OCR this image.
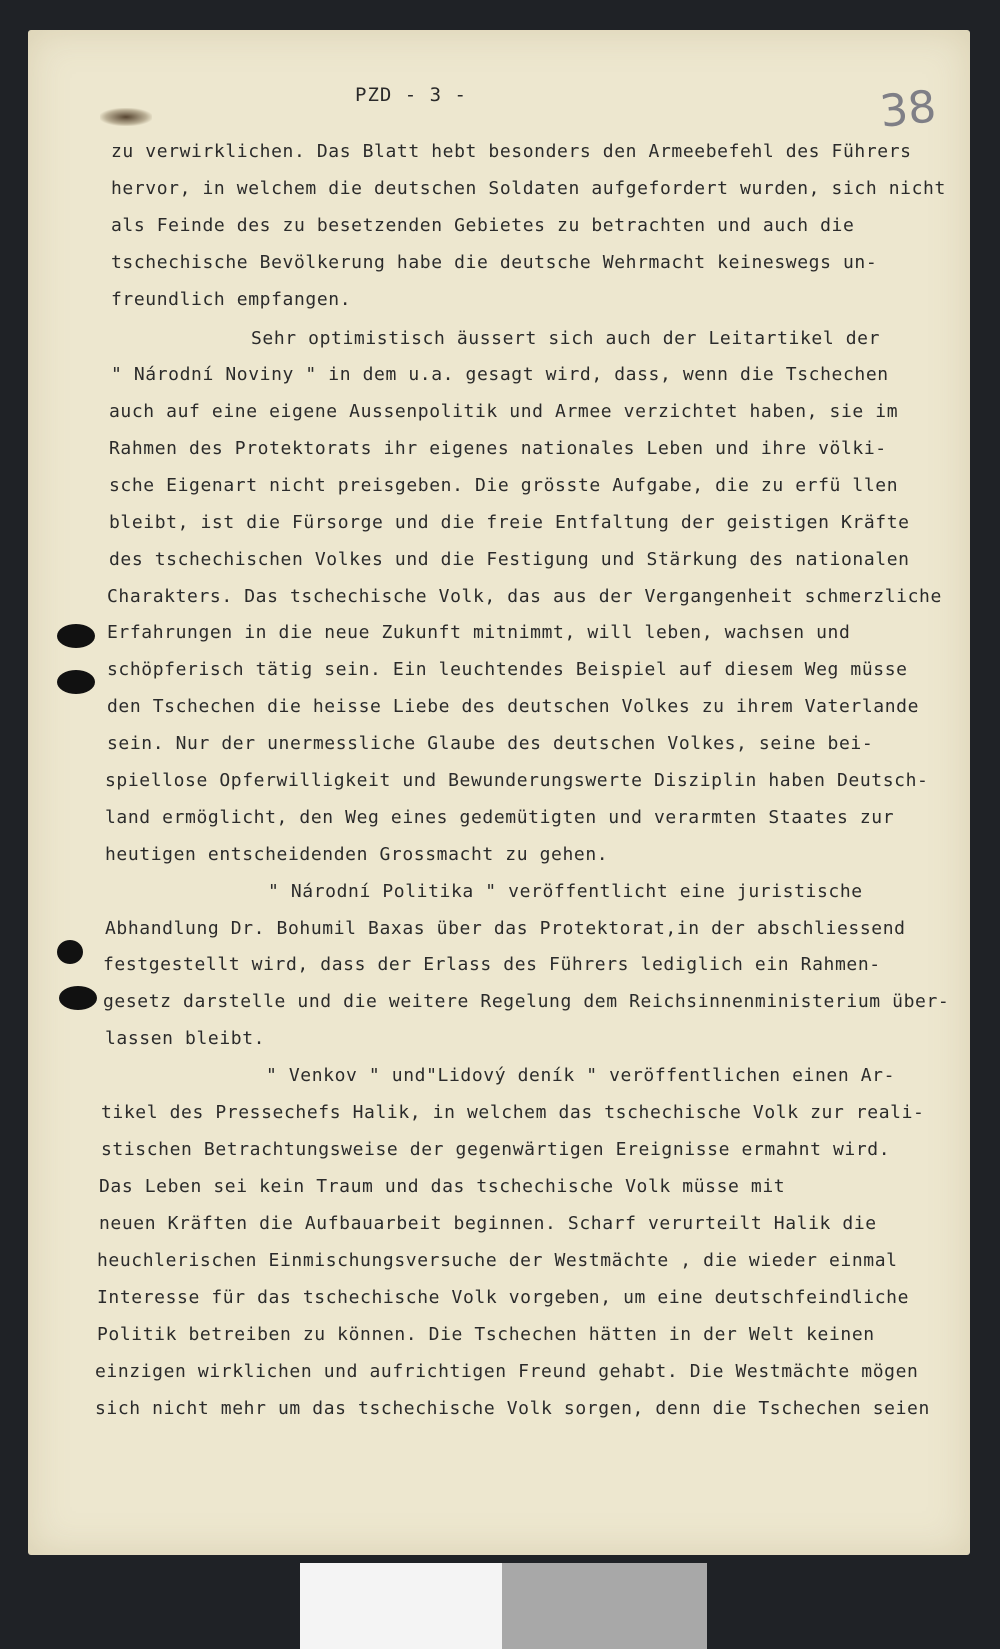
PZD - 3 -	38
zu verwirklichen. Das Blatt hebt besonders den Armeebefehl des Führers
hervor, in welchem die deutschen Soldaten aufgefordert wurden, sich nicht
als Feinde des zu besetzenden Gebietes zu betrachten und auch die
tschechische Bevölkerung habe die deutsche Wehrmacht keineswegs un-
freundlich empfangen.
Sehr optimistisch äussert sich auch der Leitartikel der
" Národní Noviny " in dem u.a. gesagt wird, dass, wenn die Tschechen
auch auf eine eigene Aussenpolitik und Armee verzichtet haben, sie im
Rahmen des Protektorats ihr eigenes nationales Leben und ihre völki-
sche Eigenart nicht preisgeben. Die grösste Aufgabe, die zu erfü llen
bleibt, ist die Fürsorge und die freie Entfaltung der geistigen Kräfte
des tschechischen Volkes und die Festigung und Stärkung des nationalen
Charakters. Das tschechische Volk, das aus der Vergangenheit schmerzliche
Erfahrungen in die neue Zukunft mitnimmt, will leben, wachsen und
schöpferisch tätig sein. Ein leuchtendes Beispiel auf diesem Weg müsse
den Tschechen die heisse Liebe des deutschen Volkes zu ihrem Vaterlande
sein. Nur der unermessliche Glaube des deutschen Volkes, seine bei-
spiellose Opferwilligkeit und Bewunderungswerte Disziplin haben Deutsch-
land ermöglicht, den Weg eines gedemütigten und verarmten Staates zur
heutigen entscheidenden Grossmacht zu gehen.
" Národní Politika " veröffentlicht eine juristische
Abhandlung Dr. Bohumil Baxas über das Protektorat,in der abschliessend
festgestellt wird, dass der Erlass des Führers lediglich ein Rahmen-
gesetz darstelle und die weitere Regelung dem Reichsinnenministerium über-
lassen bleibt.
" Venkov " und"Lidový deník " veröffentlichen einen Ar-
tikel des Pressechefs Halik, in welchem das tschechische Volk zur reali-
stischen Betrachtungsweise der gegenwärtigen Ereignisse ermahnt wird.
Das Leben sei kein Traum und das tschechische Volk müsse mit
neuen Kräften die Aufbauarbeit beginnen. Scharf verurteilt Halik die
heuchlerischen Einmischungsversuche der Westmächte , die wieder einmal
Interesse für das tschechische Volk vorgeben, um eine deutschfeindliche
Politik betreiben zu können. Die Tschechen hätten in der Welt keinen
einzigen wirklichen und aufrichtigen Freund gehabt. Die Westmächte mögen
sich nicht mehr um das tschechische Volk sorgen, denn die Tschechen seien
